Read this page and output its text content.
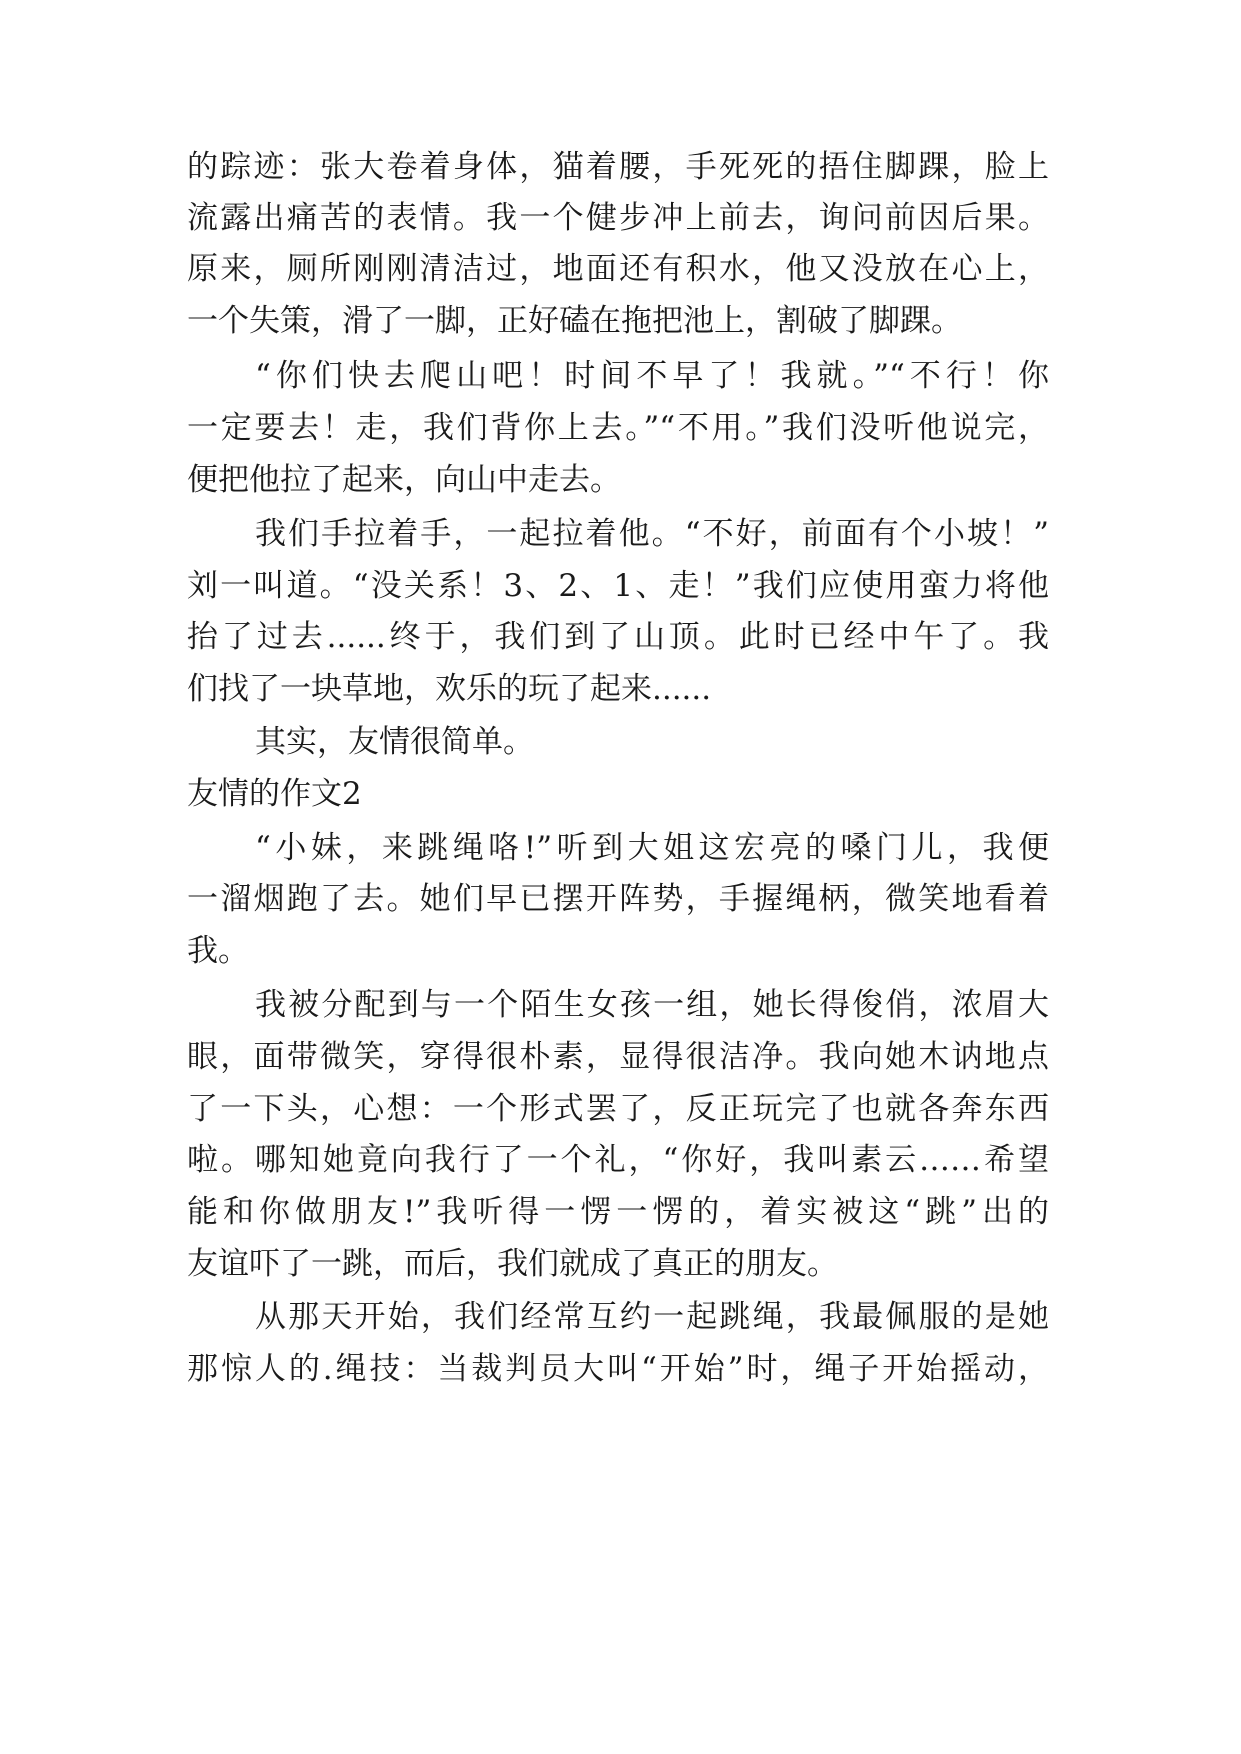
的踪迹：张大卷着身体，猫着腰，手死死的捂住脚踝，脸上
流露出痛苦的表情。我一个健步冲上前去，询问前因后果。
原来，厕所刚刚清洁过，地面还有积水，他又没放在心上，
一个失策，滑了一脚，正好磕在拖把池上，割破了脚踝。
“你们快去爬山吧！时间不早了！我就。”“不行！你
一定要去！走，我们背你上去。”“不用。”我们没听他说完，
便把他拉了起来，向山中走去。
我们手拉着手，一起拉着他。“不好，前面有个小坡！”
刘一叫道。“没关系！3、2、1、走！”我们应使用蛮力将他
抬了过去......终于，我们到了山顶。此时已经中午了。我
们找了一块草地，欢乐的玩了起来......
其实，友情很简单。
友情的作文2
“小妹，来跳绳咯!”听到大姐这宏亮的嗓门儿，我便
一溜烟跑了去。她们早已摆开阵势，手握绳柄，微笑地看着
我。
我被分配到与一个陌生女孩一组，她长得俊俏，浓眉大
眼，面带微笑，穿得很朴素，显得很洁净。我向她木讷地点
了一下头，心想：一个形式罢了，反正玩完了也就各奔东西
啦。哪知她竟向我行了一个礼，“你好，我叫素云……希望
能和你做朋友!”我听得一愣一愣的，着实被这“跳”出的
友谊吓了一跳，而后，我们就成了真正的朋友。
从那天开始，我们经常互约一起跳绳，我最佩服的是她
那惊人的.绳技：当裁判员大叫“开始”时，绳子开始摇动，
